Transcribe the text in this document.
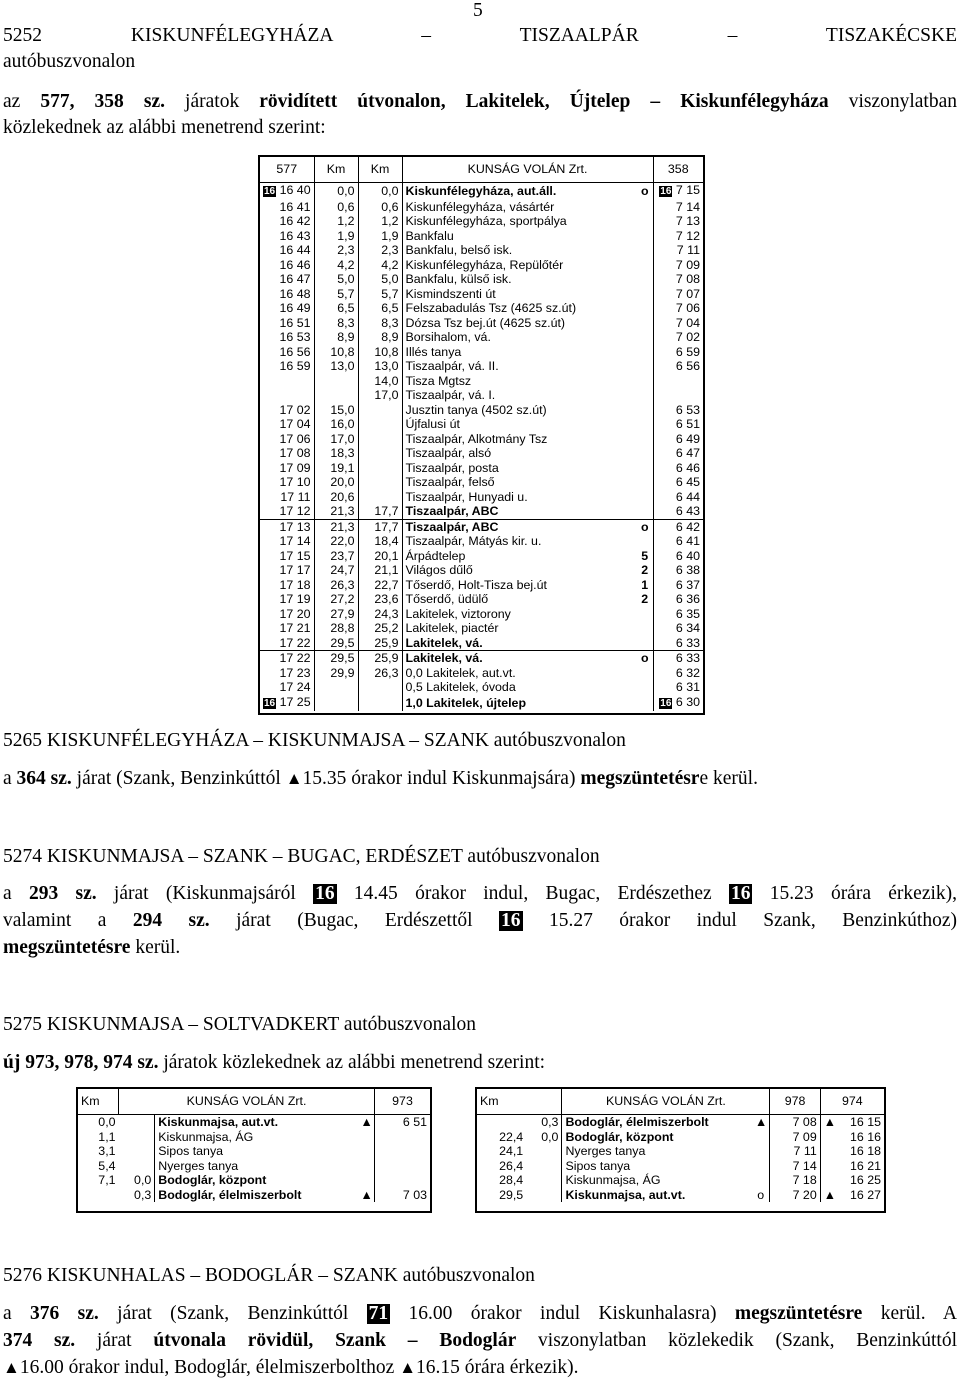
5
5252	KISKUNFÉLEGYHÁZA	– TISZAALPÁR	– TISZAKÉCSKE
autóbuszvonalon
az 577, 358 sz. járatok rövidített útvonalon, Lakitelek, Újtelep – Kiskunfélegyháza viszonylatban
közlekednek az alábbi menetrend szerint:
577	Km	Km	KUNSÁG VOLÁN Zrt.		358
16 16 40	0,0	0,0	Kiskunfélegyháza, aut.áll.	o	16 7 15
16 41	0,6	0,6	Kiskunfélegyháza, vásártér		7 14
16 42	1,2	1,2	Kiskunfélegyháza, sportpálya		7 13
16 43	1,9	1,9	Bankfalu		7 12
16 44	2,3	2,3	Bankfalu, belső isk.		7 11
16 46	4,2	4,2	Kiskunfélegyháza, Repülőtér		7 09
16 47	5,0	5,0	Bankfalu, külső isk.		7 08
16 48	5,7	5,7	Kismindszenti út		7 07
16 49	6,5	6,5	Felszabadulás Tsz (4625 sz.út)		7 06
16 51	8,3	8,3	Dózsa Tsz bej.út (4625 sz.út)		7 04
16 53	8,9	8,9	Borsihalom, vá.		7 02
16 56	10,8	10,8	Illés tanya		6 59
16 59	13,0	13,0	Tiszaalpár, vá. II.		6 56
		14,0	Tisza Mgtsz		
		17,0	Tiszaalpár, vá. I.		
17 02	15,0		Jusztin tanya (4502 sz.út)		6 53
17 04	16,0		Újfalusi út		6 51
17 06	17,0		Tiszaalpár, Alkotmány Tsz		6 49
17 08	18,3		Tiszaalpár, alsó		6 47
17 09	19,1		Tiszaalpár, posta		6 46
17 10	20,0		Tiszaalpár, felső		6 45
17 11	20,6		Tiszaalpár, Hunyadi u.		6 44
17 12	21,3	17,7	Tiszaalpár, ABC		6 43
17 13	21,3	17,7	Tiszaalpár, ABC	o	6 42
17 14	22,0	18,4	Tiszaalpár, Mátyás kir. u.		6 41
17 15	23,7	20,1	Árpádtelep	5	6 40
17 17	24,7	21,1	Világos dűlő	2	6 38
17 18	26,3	22,7	Tőserdő, Holt-Tisza bej.út	1	6 37
17 19	27,2	23,6	Tőserdő, üdülő	2	6 36
17 20	27,9	24,3	Lakitelek, viztorony		6 35
17 21	28,8	25,2	Lakitelek, piactér		6 34
17 22	29,5	25,9	Lakitelek, vá.		6 33
17 22	29,5	25,9	Lakitelek, vá.	o	6 33
17 23	29,9	26,3	0,0 Lakitelek, aut.vt.		6 32
17 24			0,5 Lakitelek, óvoda		6 31
16 17 25			1,0 Lakitelek, újtelep		16 6 30
5265 KISKUNFÉLEGYHÁZA – KISKUNMAJSA – SZANK autóbuszvonalon
a 364 sz. járat (Szank, Benzinkúttól ▲15.35 órakor indul Kiskunmajsára) megszüntetésre kerül.
5274 KISKUNMAJSA – SZANK – BUGAC, ERDÉSZET autóbuszvonalon
a 293 sz. járat (Kiskunmajsáról 16 14.45 órakor indul, Bugac, Erdészethez 16 15.23 órára érkezik),
valamint a 294 sz. járat (Bugac, Erdészettől 16 15.27 órakor indul Szank, Benzinkúthoz)
megszüntetésre kerül.
5275 KISKUNMAJSA – SOLTVADKERT autóbuszvonalon
új 973, 978, 974 sz. járatok közlekednek az alábbi menetrend szerint:
Km	KUNSÁG VOLÁN Zrt.			973
0,0		Kiskunmajsa, aut.vt.	▲	6 51
1,1		Kiskunmajsa, ÁG		
3,1		Sipos tanya		
5,4		Nyerges tanya		
7,1	0,0	Bodoglár, központ		
	0,3	Bodoglár, élelmiszerbolt	▲	7 03
Km		KUNSÁG VOLÁN Zrt.		978	974	
	0,3	Bodoglár, élelmiszerbolt	▲	7 08	▲	16 15
22,4	0,0	Bodoglár, központ		7 09		16 16
24,1		Nyerges tanya		7 11		16 18
26,4		Sipos tanya		7 14		16 21
28,4		Kiskunmajsa, ÁG		7 18		16 25
29,5		Kiskunmajsa, aut.vt.	o	7 20	▲	16 27
5276 KISKUNHALAS – BODOGLÁR – SZANK autóbuszvonalon
a 376 sz. járat (Szank, Benzinkúttól 71 16.00 órakor indul Kiskunhalasra) megszüntetésre kerül. A
374 sz. járat útvonala rövidül, Szank – Bodoglár viszonylatban közlekedik (Szank, Benzinkúttól
▲16.00 órakor indul, Bodoglár, élelmiszerbolthoz ▲16.15 órára érkezik).
